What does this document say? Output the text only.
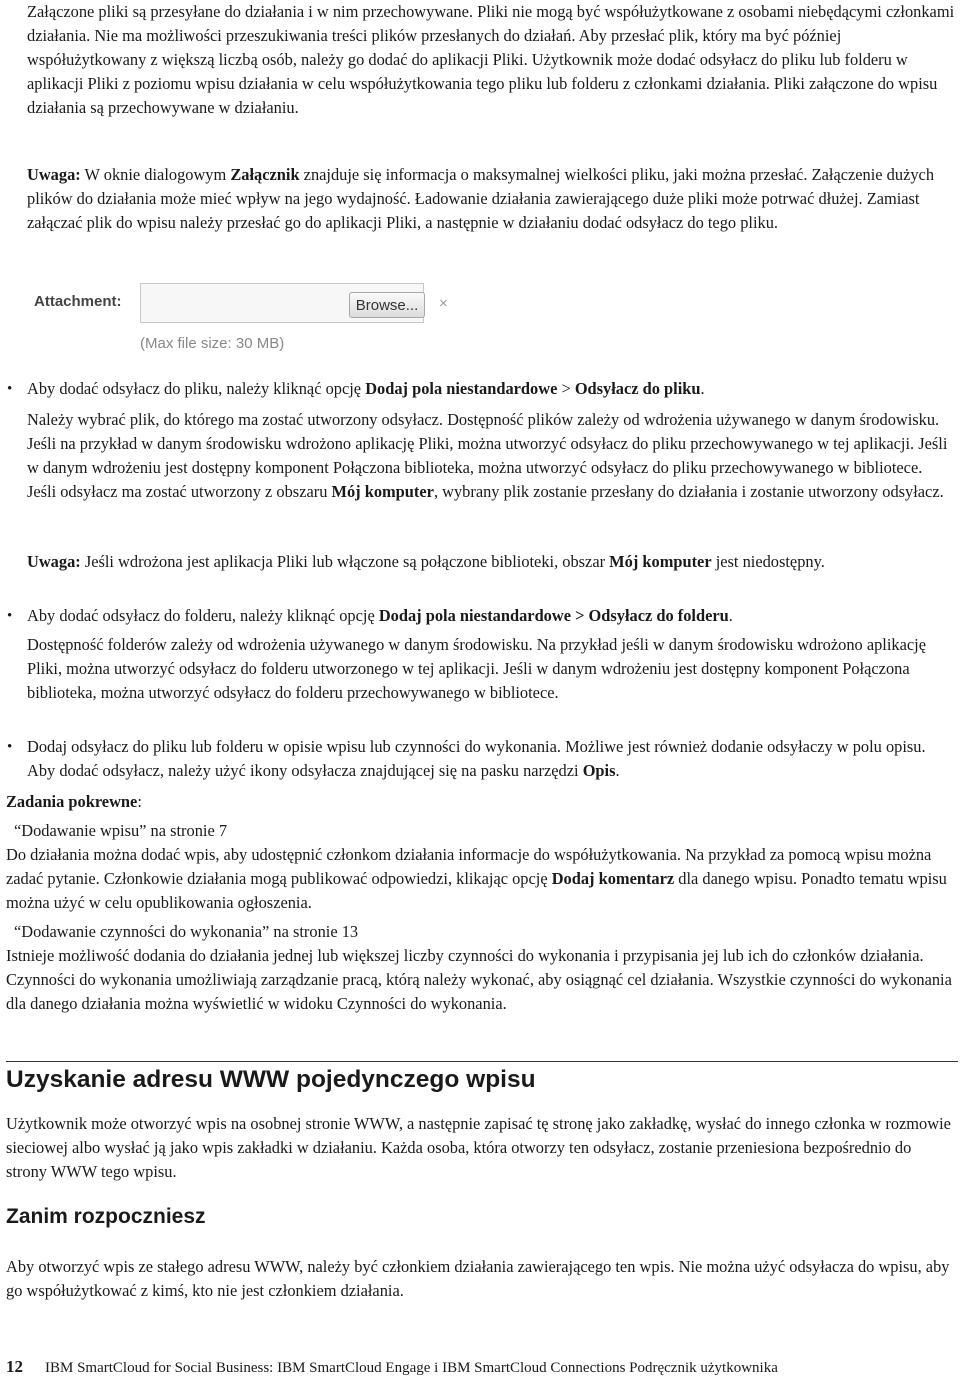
Załączone pliki są przesyłane do działania i w nim przechowywane. Pliki nie mogą być współużytkowane z osobami niebędącymi członkami działania. Nie ma możliwości przeszukiwania treści plików przesłanych do działań. Aby przesłać plik, który ma być później współużytkowany z większą liczbą osób, należy go dodać do aplikacji Pliki. Użytkownik może dodać odsyłacz do pliku lub folderu w aplikacji Pliki z poziomu wpisu działania w celu współużytkowania tego pliku lub folderu z członkami działania. Pliki załączone do wpisu działania są przechowywane w działaniu.

Uwaga: W oknie dialogowym Załącznik znajduje się informacja o maksymalnej wielkości pliku, jaki można przesłać. Załączenie dużych plików do działania może mieć wpływ na jego wydajność. Ładowanie działania zawierającego duże pliki może potrwać dłużej. Zamiast załączać plik do wpisu należy przesłać go do aplikacji Pliki, a następnie w działaniu dodać odsyłacz do tego pliku.

Attachment:	Browse...	×
(Max file size: 30 MB)
• Aby dodać odsyłacz do pliku, należy kliknąć opcję Dodaj pola niestandardowe > Odsyłacz do pliku.

Należy wybrać plik, do którego ma zostać utworzony odsyłacz. Dostępność plików zależy od wdrożenia używanego w danym środowisku. Jeśli na przykład w danym środowisku wdrożono aplikację Pliki, można utworzyć odsyłacz do pliku przechowywanego w tej aplikacji. Jeśli w danym wdrożeniu jest dostępny komponent Połączona biblioteka, można utworzyć odsyłacz do pliku przechowywanego w bibliotece. Jeśli odsyłacz ma zostać utworzony z obszaru Mój komputer, wybrany plik zostanie przesłany do działania i zostanie utworzony odsyłacz.

Uwaga: Jeśli wdrożona jest aplikacja Pliki lub włączone są połączone biblioteki, obszar Mój komputer jest niedostępny.

• Aby dodać odsyłacz do folderu, należy kliknąć opcję Dodaj pola niestandardowe > Odsyłacz do folderu.

Dostępność folderów zależy od wdrożenia używanego w danym środowisku. Na przykład jeśli w danym środowisku wdrożono aplikację Pliki, można utworzyć odsyłacz do folderu utworzonego w tej aplikacji. Jeśli w danym wdrożeniu jest dostępny komponent Połączona biblioteka, można utworzyć odsyłacz do folderu przechowywanego w bibliotece.

• Dodaj odsyłacz do pliku lub folderu w opisie wpisu lub czynności do wykonania. Możliwe jest również dodanie odsyłaczy w polu opisu. Aby dodać odsyłacz, należy użyć ikony odsyłacza znajdującej się na pasku narzędzi Opis.

Zadania pokrewne:

“Dodawanie wpisu” na stronie 7

Do działania można dodać wpis, aby udostępnić członkom działania informacje do współużytkowania. Na przykład za pomocą wpisu można zadać pytanie. Członkowie działania mogą publikować odpowiedzi, klikając opcję Dodaj komentarz dla danego wpisu. Ponadto tematu wpisu można użyć w celu opublikowania ogłoszenia.

“Dodawanie czynności do wykonania” na stronie 13

Istnieje możliwość dodania do działania jednej lub większej liczby czynności do wykonania i przypisania jej lub ich do członków działania. Czynności do wykonania umożliwiają zarządzanie pracą, którą należy wykonać, aby osiągnąć cel działania. Wszystkie czynności do wykonania dla danego działania można wyświetlić w widoku Czynności do wykonania.

Uzyskanie adresu WWW pojedynczego wpisu

Użytkownik może otworzyć wpis na osobnej stronie WWW, a następnie zapisać tę stronę jako zakładkę, wysłać do innego członka w rozmowie sieciowej albo wysłać ją jako wpis zakładki w działaniu. Każda osoba, która otworzy ten odsyłacz, zostanie przeniesiona bezpośrednio do strony WWW tego wpisu.

Zanim rozpoczniesz

Aby otworzyć wpis ze stałego adresu WWW, należy być członkiem działania zawierającego ten wpis. Nie można użyć odsyłacza do wpisu, aby go współużytkować z kimś, kto nie jest członkiem działania.

12 IBM SmartCloud for Social Business: IBM SmartCloud Engage i IBM SmartCloud Connections Podręcznik użytkownika
